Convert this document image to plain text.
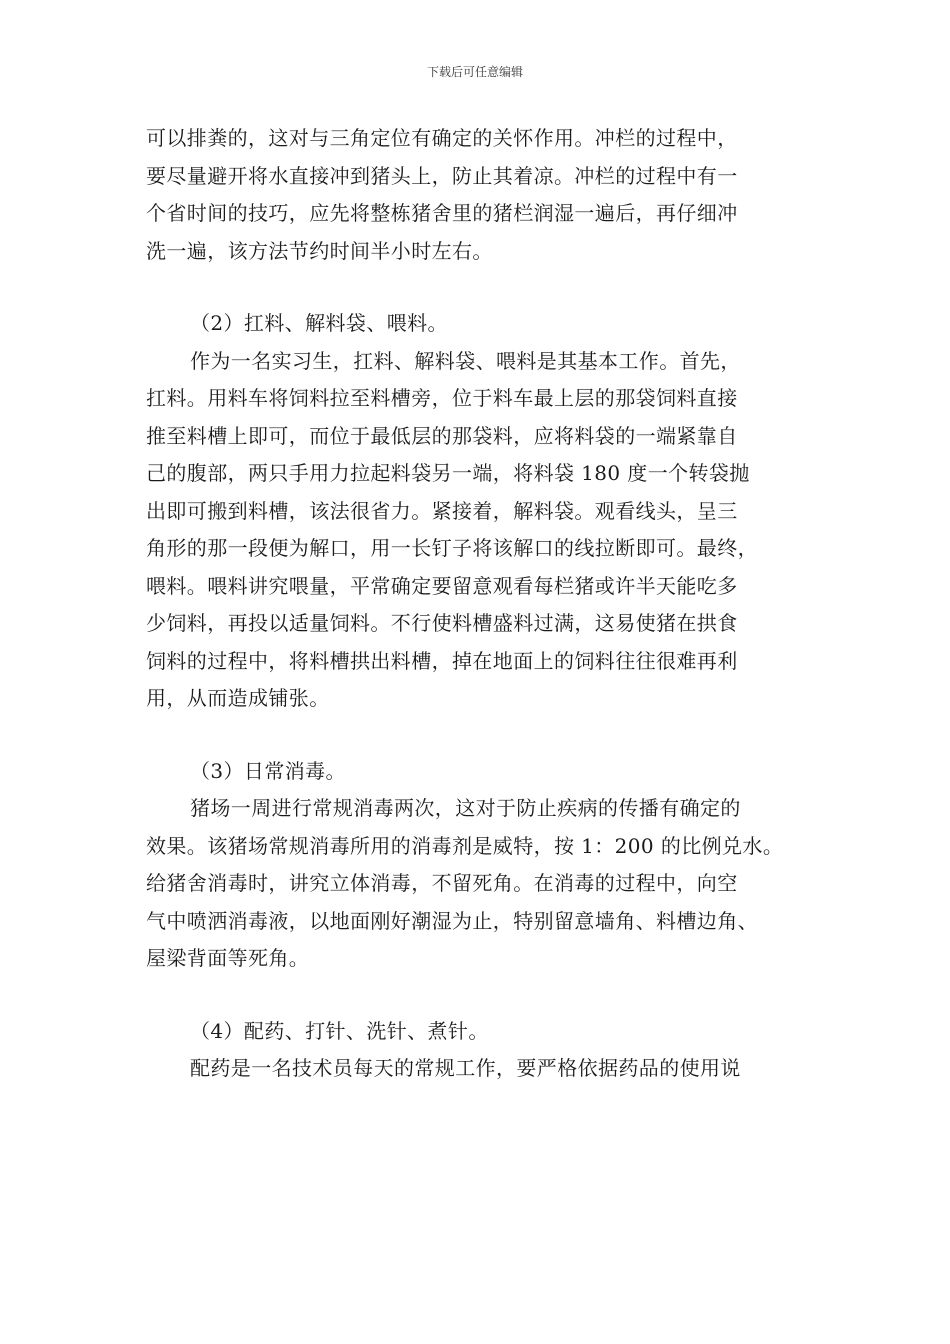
下载后可任意编辑
可以排粪的，这对与三角定位有确定的关怀作用。冲栏的过程中，
要尽量避开将水直接冲到猪头上，防止其着凉。冲栏的过程中有一
个省时间的技巧，应先将整栋猪舍里的猪栏润湿一遍后，再仔细冲
洗一遍，该方法节约时间半小时左右。
（2）扛料、解料袋、喂料。
作为一名实习生，扛料、解料袋、喂料是其基本工作。首先，
扛料。用料车将饲料拉至料槽旁，位于料车最上层的那袋饲料直接
推至料槽上即可，而位于最低层的那袋料，应将料袋的一端紧靠自
己的腹部，两只手用力拉起料袋另一端，将料袋 180 度一个转袋抛
出即可搬到料槽，该法很省力。紧接着，解料袋。观看线头，呈三
角形的那一段便为解口，用一长钉子将该解口的线拉断即可。最终，
喂料。喂料讲究喂量，平常确定要留意观看每栏猪或许半天能吃多
少饲料，再投以适量饲料。不行使料槽盛料过满，这易使猪在拱食
饲料的过程中，将料槽拱出料槽，掉在地面上的饲料往往很难再利
用，从而造成铺张。
（3）日常消毒。
猪场一周进行常规消毒两次，这对于防止疾病的传播有确定的
效果。该猪场常规消毒所用的消毒剂是威特，按 1：200 的比例兑水。
给猪舍消毒时，讲究立体消毒，不留死角。在消毒的过程中，向空
气中喷洒消毒液，以地面刚好潮湿为止，特别留意墙角、料槽边角、
屋梁背面等死角。
（4）配药、打针、洗针、煮针。
配药是一名技术员每天的常规工作，要严格依据药品的使用说
